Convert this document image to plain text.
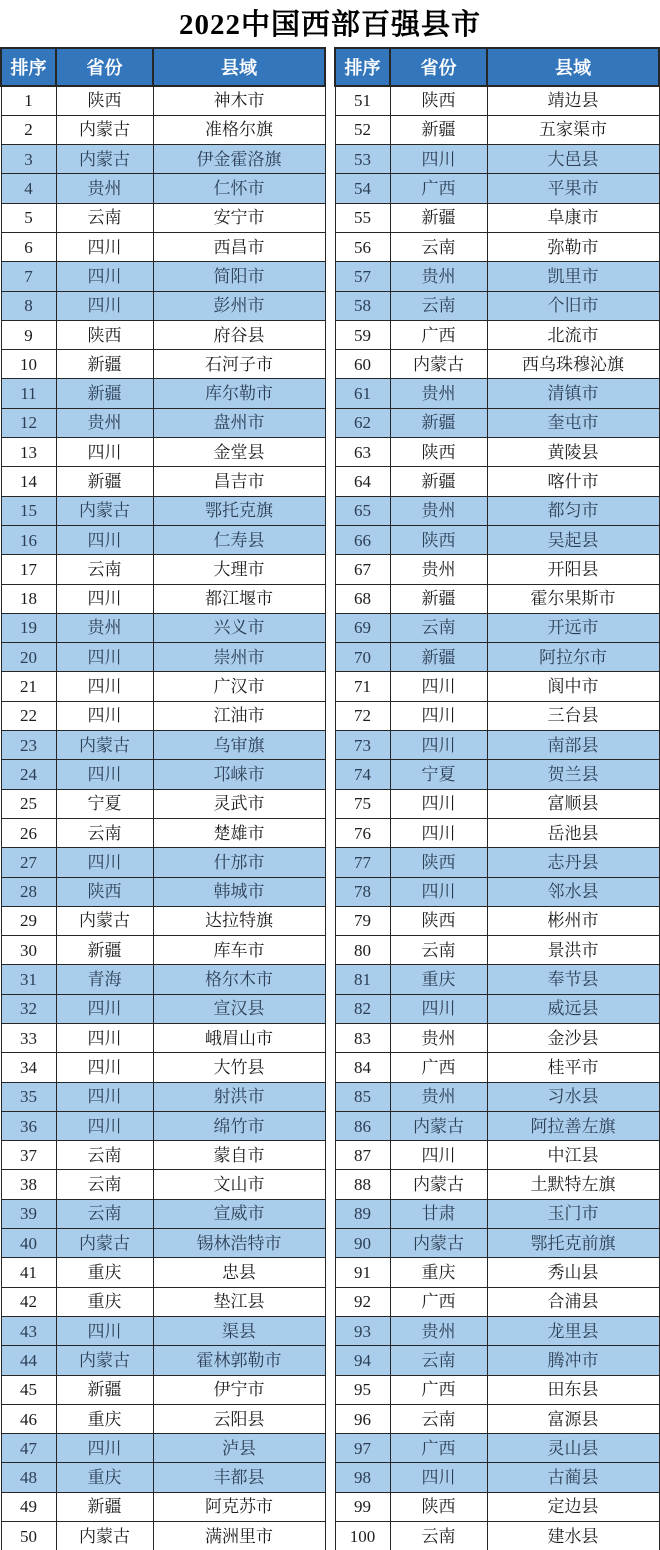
2022中国西部百强县市
排序	省份	县域
1	陕西	神木市
2	内蒙古	准格尔旗
3	内蒙古	伊金霍洛旗
4	贵州	仁怀市
5	云南	安宁市
6	四川	西昌市
7	四川	简阳市
8	四川	彭州市
9	陕西	府谷县
10	新疆	石河子市
11	新疆	库尔勒市
12	贵州	盘州市
13	四川	金堂县
14	新疆	昌吉市
15	内蒙古	鄂托克旗
16	四川	仁寿县
17	云南	大理市
18	四川	都江堰市
19	贵州	兴义市
20	四川	崇州市
21	四川	广汉市
22	四川	江油市
23	内蒙古	乌审旗
24	四川	邛崃市
25	宁夏	灵武市
26	云南	楚雄市
27	四川	什邡市
28	陕西	韩城市
29	内蒙古	达拉特旗
30	新疆	库车市
31	青海	格尔木市
32	四川	宣汉县
33	四川	峨眉山市
34	四川	大竹县
35	四川	射洪市
36	四川	绵竹市
37	云南	蒙自市
38	云南	文山市
39	云南	宣威市
40	内蒙古	锡林浩特市
41	重庆	忠县
42	重庆	垫江县
43	四川	渠县
44	内蒙古	霍林郭勒市
45	新疆	伊宁市
46	重庆	云阳县
47	四川	泸县
48	重庆	丰都县
49	新疆	阿克苏市
50	内蒙古	满洲里市
排序	省份	县域
51	陕西	靖边县
52	新疆	五家渠市
53	四川	大邑县
54	广西	平果市
55	新疆	阜康市
56	云南	弥勒市
57	贵州	凯里市
58	云南	个旧市
59	广西	北流市
60	内蒙古	西乌珠穆沁旗
61	贵州	清镇市
62	新疆	奎屯市
63	陕西	黄陵县
64	新疆	喀什市
65	贵州	都匀市
66	陕西	吴起县
67	贵州	开阳县
68	新疆	霍尔果斯市
69	云南	开远市
70	新疆	阿拉尔市
71	四川	阆中市
72	四川	三台县
73	四川	南部县
74	宁夏	贺兰县
75	四川	富顺县
76	四川	岳池县
77	陕西	志丹县
78	四川	邻水县
79	陕西	彬州市
80	云南	景洪市
81	重庆	奉节县
82	四川	威远县
83	贵州	金沙县
84	广西	桂平市
85	贵州	习水县
86	内蒙古	阿拉善左旗
87	四川	中江县
88	内蒙古	土默特左旗
89	甘肃	玉门市
90	内蒙古	鄂托克前旗
91	重庆	秀山县
92	广西	合浦县
93	贵州	龙里县
94	云南	腾冲市
95	广西	田东县
96	云南	富源县
97	广西	灵山县
98	四川	古蔺县
99	陕西	定边县
100	云南	建水县
